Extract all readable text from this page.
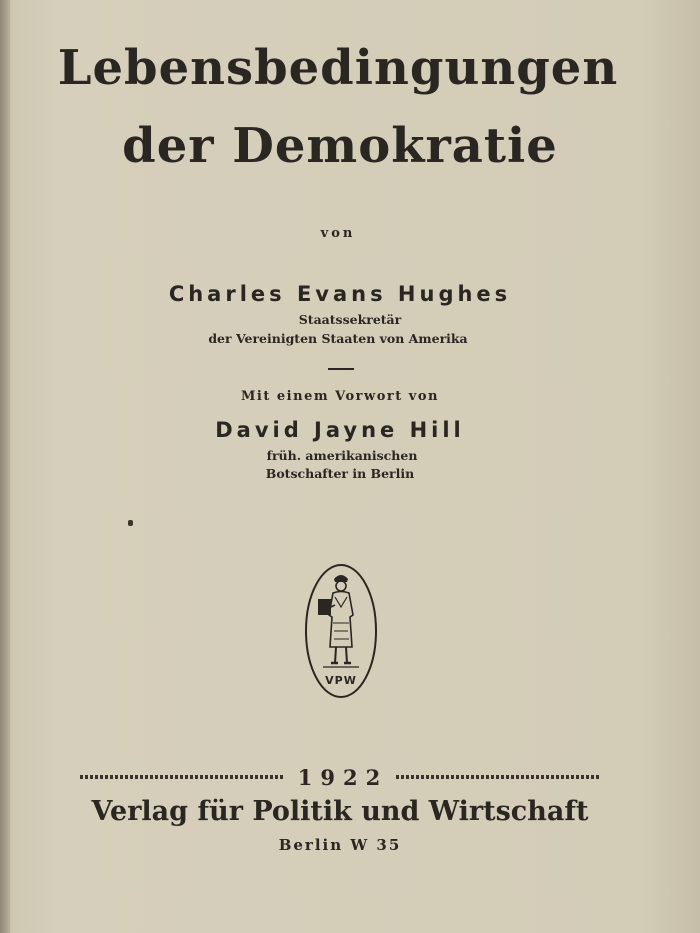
Lebensbedingungen
der Demokratie
von
Charles Evans Hughes
Staatssekretär
der Vereinigten Staaten von Amerika
Mit einem Vorwort von
David Jayne Hill
früh. amerikanischen
Botschafter in Berlin
VPW
1922
Verlag für Politik und Wirtschaft
Berlin W 35
